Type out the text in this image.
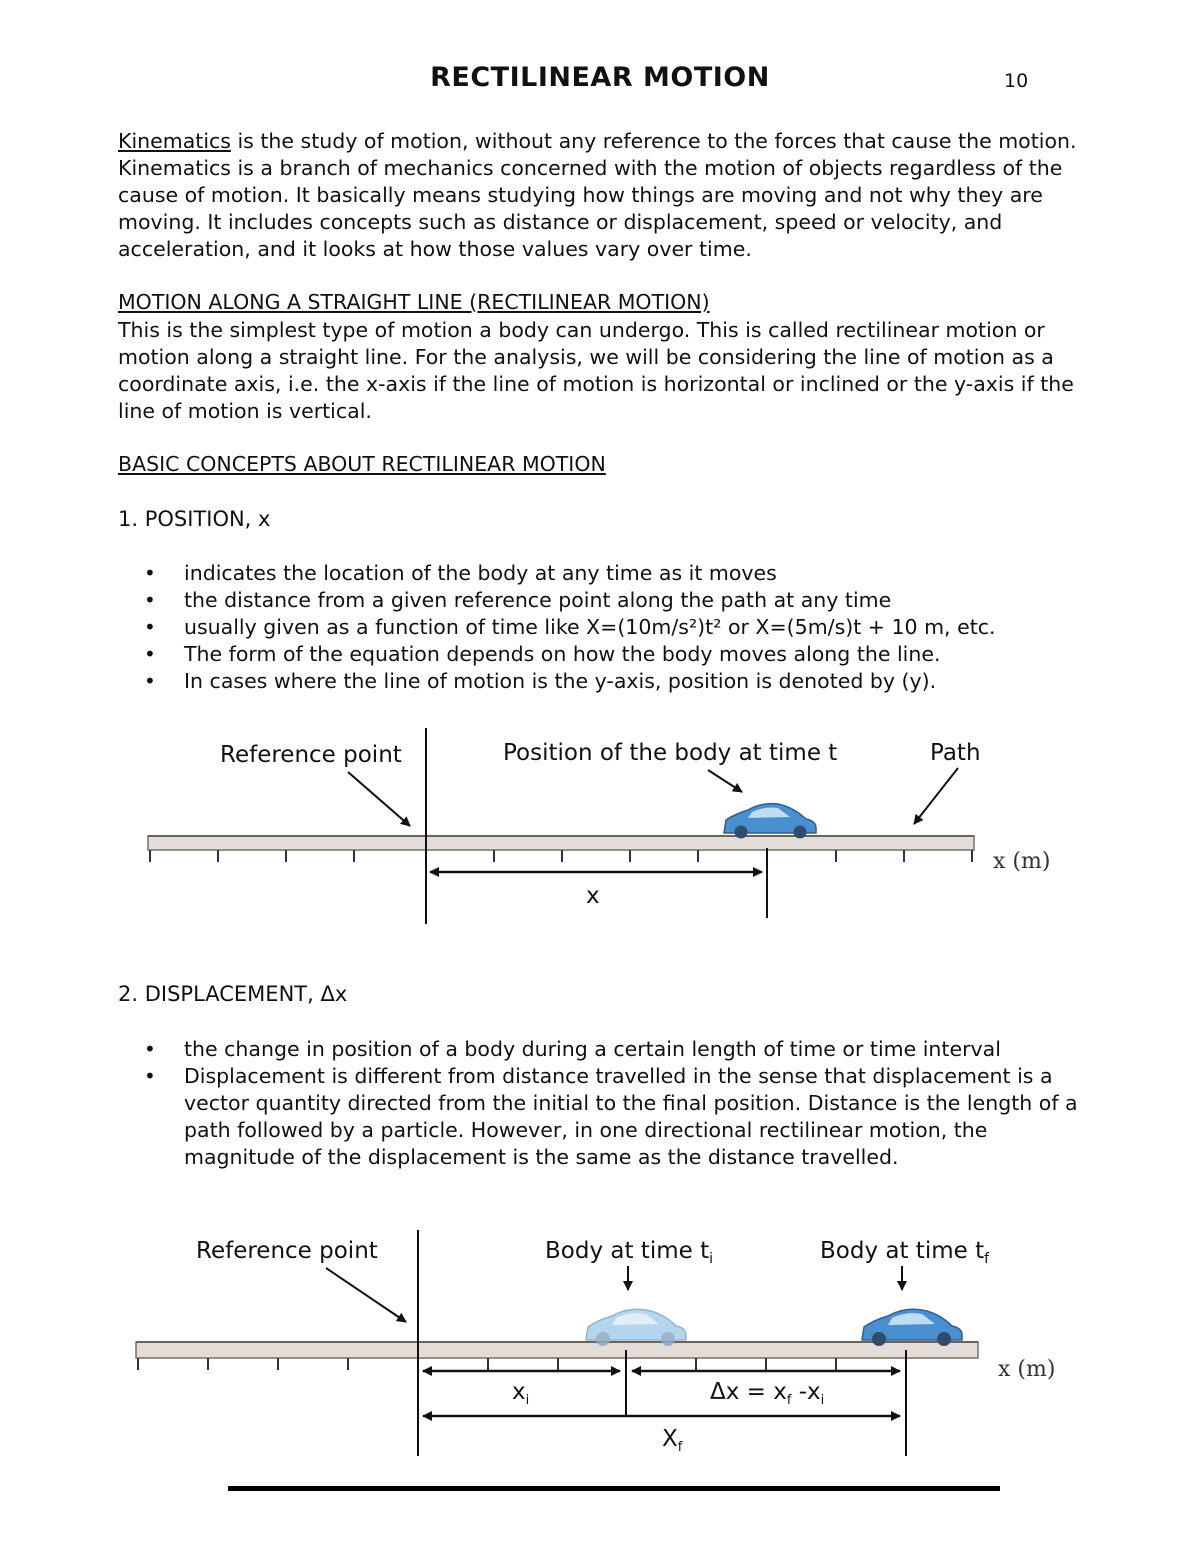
RECTILINEAR MOTION	10
Kinematics is the study of motion, without any reference to the forces that cause the motion. Kinematics is a branch of mechanics concerned with the motion of objects regardless of the cause of motion. It basically means studying how things are moving and not why they are moving. It includes concepts such as distance or displacement, speed or velocity, and acceleration, and it looks at how those values vary over time.
MOTION ALONG A STRAIGHT LINE (RECTILINEAR MOTION)
This is the simplest type of motion a body can undergo. This is called rectilinear motion or motion along a straight line. For the analysis, we will be considering the line of motion as a coordinate axis, i.e. the x-axis if the line of motion is horizontal or inclined or the y-axis if the line of motion is vertical.
BASIC CONCEPTS ABOUT RECTILINEAR MOTION
1. POSITION, x
• indicates the location of the body at any time as it moves
• the distance from a given reference point along the path at any time
• usually given as a function of time like X=(10m/s²)t² or X=(5m/s)t + 10 m, etc.
• The form of the equation depends on how the body moves along the line.
• In cases where the line of motion is the y-axis, position is denoted by (y).
x
Reference point	Position of the body at time t	Path
x (m)
2. DISPLACEMENT, Δx
• the change in position of a body during a certain length of time or time interval
• Displacement is different from distance travelled in the sense that displacement is a vector quantity directed from the initial to the final position. Distance is the length of a path followed by a particle. However, in one directional rectilinear motion, the magnitude of the displacement is the same as the distance travelled.
$x_i$	$\Delta x = x_f$ $-x_i$
$X_f$
Reference point	Body at time $t_i$	Body at time $t_f$
x (m)
